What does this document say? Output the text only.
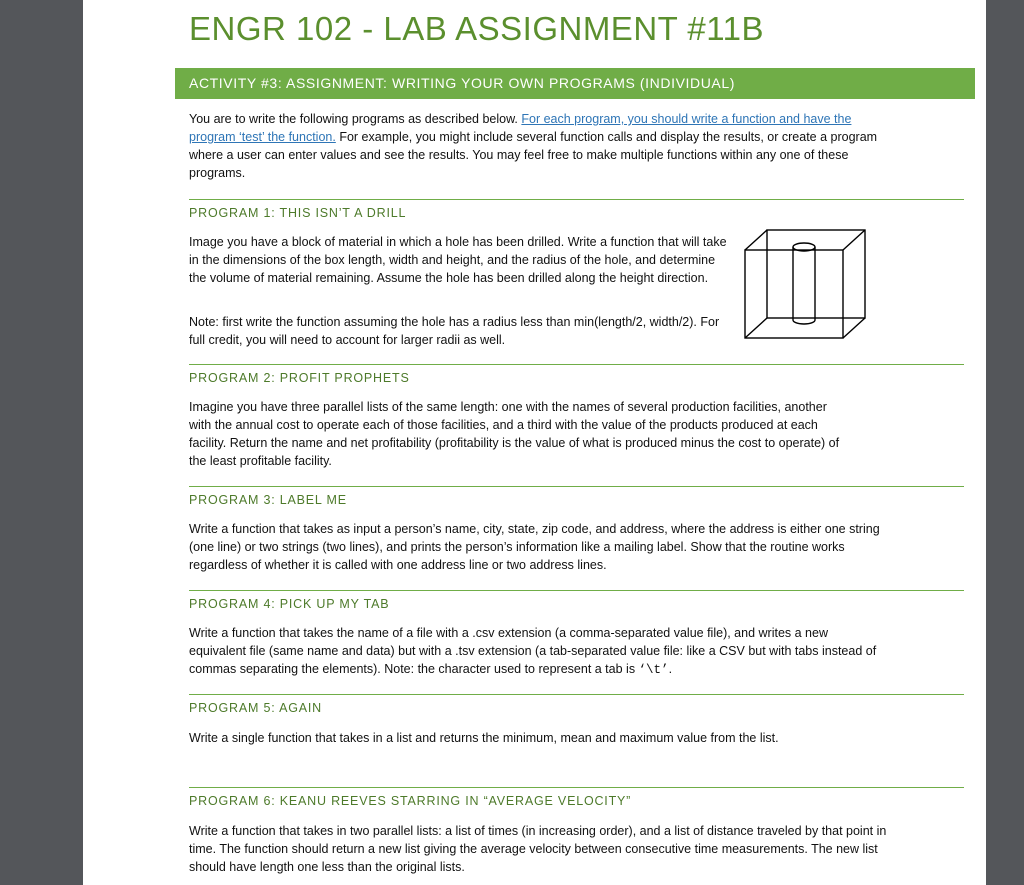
ENGR 102 - LAB ASSIGNMENT #11B
ACTIVITY #3: ASSIGNMENT: WRITING YOUR OWN PROGRAMS (INDIVIDUAL)

You are to write the following programs as described below. For each program, you should write a function and have the program ‘test’ the function. For example, you might include several function calls and display the results, or create a program where a user can enter values and see the results. You may feel free to make multiple functions within any one of these programs.

PROGRAM 1: THIS ISN’T A DRILL

Image you have a block of material in which a hole has been drilled. Write a function that will take in the dimensions of the box length, width and height, and the radius of the hole, and determine the volume of material remaining. Assume the hole has been drilled along the height direction.

Note: first write the function assuming the hole has a radius less than min(length/2, width/2). For full credit, you will need to account for larger radii as well.

PROGRAM 2: PROFIT PROPHETS

Imagine you have three parallel lists of the same length: one with the names of several production facilities, another with the annual cost to operate each of those facilities, and a third with the value of the products produced at each facility. Return the name and net profitability (profitability is the value of what is produced minus the cost to operate) of the least profitable facility.

PROGRAM 3: LABEL ME

Write a function that takes as input a person’s name, city, state, zip code, and address, where the address is either one string (one line) or two strings (two lines), and prints the person’s information like a mailing label. Show that the routine works regardless of whether it is called with one address line or two address lines.

PROGRAM 4: PICK UP MY TAB

Write a function that takes the name of a file with a .csv extension (a comma-separated value file), and writes a new equivalent file (same name and data) but with a .tsv extension (a tab-separated value file: like a CSV but with tabs instead of commas separating the elements). Note: the character used to represent a tab is ‘\t’.

PROGRAM 5: AGAIN

Write a single function that takes in a list and returns the minimum, mean and maximum value from the list.

PROGRAM 6: KEANU REEVES STARRING IN “AVERAGE VELOCITY”

Write a function that takes in two parallel lists: a list of times (in increasing order), and a list of distance traveled by that point in time. The function should return a new list giving the average velocity between consecutive time measurements. The new list should have length one less than the original lists.
